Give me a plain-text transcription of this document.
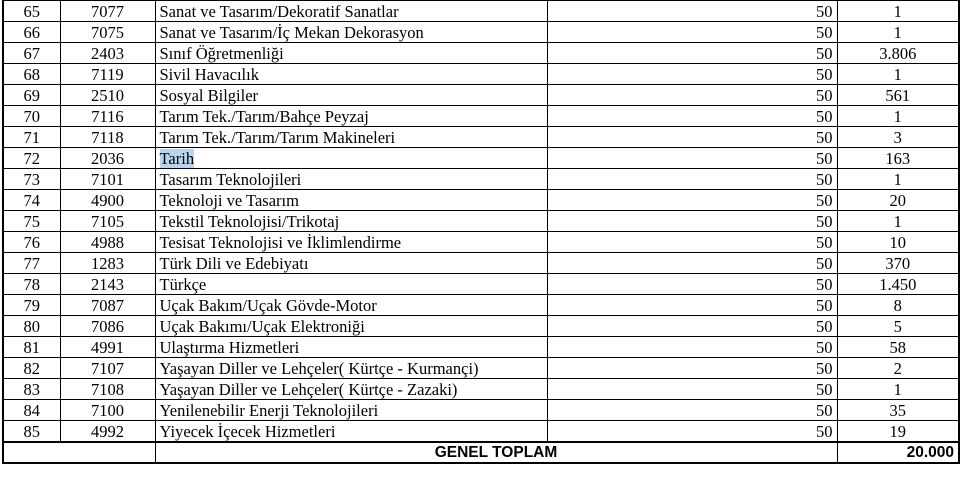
65	7077	Sanat ve Tasarım/Dekoratif Sanatlar	50	1
66	7075	Sanat ve Tasarım/İç Mekan Dekorasyon	50	1
67	2403	Sınıf Öğretmenliği	50	3.806
68	7119	Sivil Havacılık	50	1
69	2510	Sosyal Bilgiler	50	561
70	7116	Tarım Tek./Tarım/Bahçe Peyzaj	50	1
71	7118	Tarım Tek./Tarım/Tarım Makineleri	50	3
72	2036	Tarih	50	163
73	7101	Tasarım Teknolojileri	50	1
74	4900	Teknoloji ve Tasarım	50	20
75	7105	Tekstil Teknolojisi/Trikotaj	50	1
76	4988	Tesisat Teknolojisi ve İklimlendirme	50	10
77	1283	Türk Dili ve Edebiyatı	50	370
78	2143	Türkçe	50	1.450
79	7087	Uçak Bakım/Uçak Gövde-Motor	50	8
80	7086	Uçak Bakımı/Uçak Elektroniği	50	5
81	4991	Ulaştırma Hizmetleri	50	58
82	7107	Yaşayan Diller ve Lehçeler( Kürtçe - Kurmançi)	50	2
83	7108	Yaşayan Diller ve Lehçeler( Kürtçe - Zazaki)	50	1
84	7100	Yenilenebilir Enerji Teknolojileri	50	35
85	4992	Yiyecek İçecek Hizmetleri	50	19
		GENEL TOPLAM		20.000
